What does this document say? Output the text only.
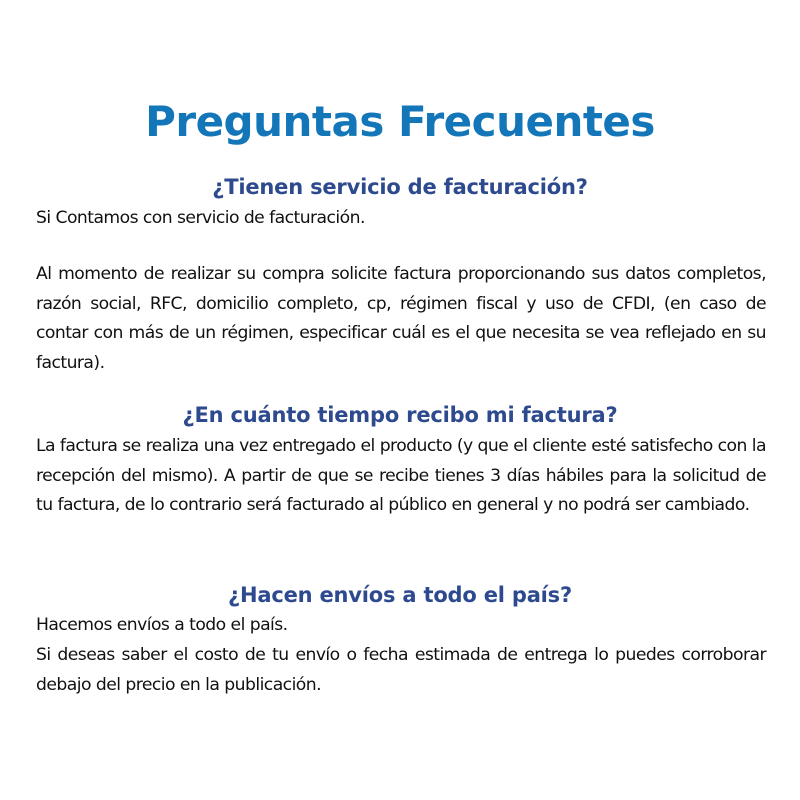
Preguntas Frecuentes
¿Tienen servicio de facturación?

Si Contamos con servicio de facturación.

Al momento de realizar su compra solicite factura proporcionando sus datos completos, razón social, RFC, domicilio completo, cp, régimen fiscal y uso de CFDI, (en caso de contar con más de un régimen, especificar cuál es el que necesita se vea reflejado en su factura).

¿En cuánto tiempo recibo mi factura?

La factura se realiza una vez entregado el producto (y que el cliente esté satisfecho con la recepción del mismo). A partir de que se recibe tienes 3 días hábiles para la solicitud de tu factura, de lo contrario será facturado al público en general y no podrá ser cambiado.

¿Hacen envíos a todo el país?

Hacemos envíos a todo el país.

Si deseas saber el costo de tu envío o fecha estimada de entrega lo puedes corroborar debajo del precio en la publicación.
